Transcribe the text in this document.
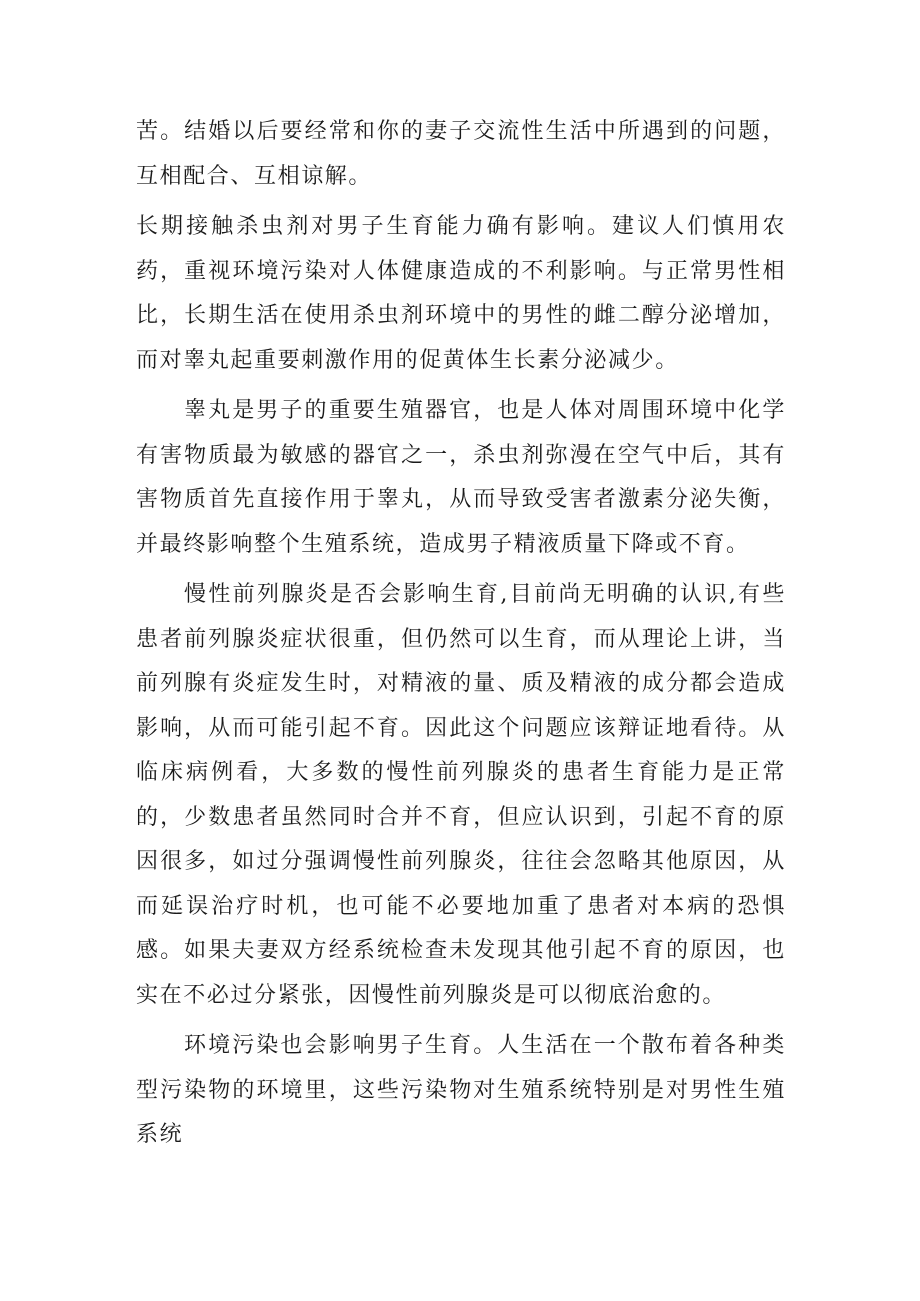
苦。结婚以后要经常和你的妻子交流性生活中所遇到的问题，互相配合、互相谅解。

长期接触杀虫剂对男子生育能力确有影响。建议人们慎用农药，重视环境污染对人体健康造成的不利影响。与正常男性相比，长期生活在使用杀虫剂环境中的男性的雌二醇分泌增加，而对睾丸起重要刺激作用的促黄体生长素分泌减少。

睾丸是男子的重要生殖器官，也是人体对周围环境中化学有害物质最为敏感的器官之一，杀虫剂弥漫在空气中后，其有害物质首先直接作用于睾丸，从而导致受害者激素分泌失衡，并最终影响整个生殖系统，造成男子精液质量下降或不育。

慢性前列腺炎是否会影响生育,目前尚无明确的认识,有些患者前列腺炎症状很重，但仍然可以生育，而从理论上讲，当前列腺有炎症发生时，对精液的量、质及精液的成分都会造成影响，从而可能引起不育。因此这个问题应该辩证地看待。从临床病例看，大多数的慢性前列腺炎的患者生育能力是正常的，少数患者虽然同时合并不育，但应认识到，引起不育的原因很多，如过分强调慢性前列腺炎，往往会忽略其他原因，从而延误治疗时机，也可能不必要地加重了患者对本病的恐惧感。如果夫妻双方经系统检查未发现其他引起不育的原因，也实在不必过分紧张，因慢性前列腺炎是可以彻底治愈的。

环境污染也会影响男子生育。人生活在一个散布着各种类型污染物的环境里，这些污染物对生殖系统特别是对男性生殖系统
